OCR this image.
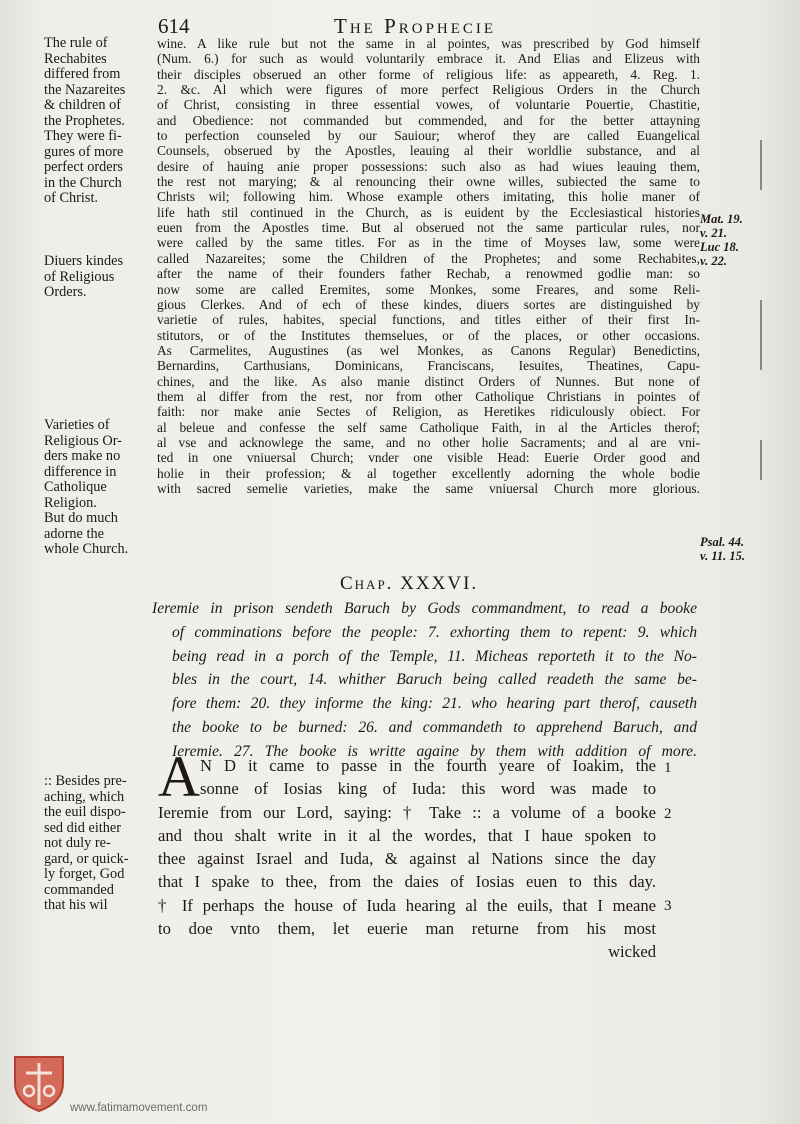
614	The Prophecie
The rule of
Rechabites
differed from
the Nazareites
& children of
the Prophetes.
They were fi-
gures of more
perfect orders
in the Church
of Christ.
Diuers kindes
of Religious
Orders.
Varieties of
Religious Or-
ders make no
difference in
Catholique
Religion.
But do much
adorne the
whole Church.
:: Besides pre-
aching, which
the euil dispo-
sed did either
not duly re-
gard, or quick-
ly forget, God
commanded
that his wil
wine. A like rule but not the same in al pointes, was prescribed by God himself
(Num. 6.) for such as would voluntarily embrace it. And Elias and Elizeus with
their disciples obserued an other forme of religious life: as appeareth, 4. Reg. 1.
2. &c. Al which were figures of more perfect Religious Orders in the Church
of Christ, consisting in three essential vowes, of voluntarie Pouertie, Chastitie,
and Obedience: not commanded but commended, and for the better attayning
to perfection counseled by our Sauiour; wherof they are called Euangelical
Counsels, obserued by the Apostles, leauing al their worldlie substance, and al
desire of hauing anie proper possessions: such also as had wiues leauing them,
the rest not marying; & al renouncing their owne willes, subiected the same to
Christs wil; following him. Whose example others imitating, this holie maner of
life hath stil continued in the Church, as is euident by the Ecclesiastical histories
euen from the Apostles time. But al obserued not the same particular rules, nor
were called by the same titles. For as in the time of Moyses law, some were
called Nazareites; some the Children of the Prophetes; and some Rechabites,
after the name of their founders father Rechab, a renowmed godlie man: so
now some are called Eremites, some Monkes, some Freares, and some Reli-
gious Clerkes. And of ech of these kindes, diuers sortes are distinguished by
varietie of rules, habites, special functions, and titles either of their first In-
stitutors, or of the Institutes themselues, or of the places, or other occasions.
As Carmelites, Augustines (as wel Monkes, as Canons Regular) Benedictins,
Bernardins, Carthusians, Dominicans, Franciscans, Iesuites, Theatines, Capu-
chines, and the like. As also manie distinct Orders of Nunnes. But none of
them al differ from the rest, nor from other Catholique Christians in pointes of
faith: nor make anie Sectes of Religion, as Heretikes ridiculously obiect. For
al beleue and confesse the self same Catholique Faith, in al the Articles therof;
al vse and acknowlege the same, and no other holie Sacraments; and al are vni-
ted in one vniuersal Church; vnder one visible Head: Euerie Order good and
holie in their profession; & al together excellently adorning the whole bodie
with sacred semelie varieties, make the same vniuersal Church more glorious.
Chap. XXXVI.
Ieremie in prison sendeth Baruch by Gods commandment, to read a booke
of comminations before the people: 7. exhorting them to repent: 9. which
being read in a porch of the Temple, 11. Micheas reporteth it to the No-
bles in the court, 14. whither Baruch being called readeth the same be-
fore them: 20. they informe the king: 21. who hearing part therof, causeth
the booke to be burned: 26. and commandeth to apprehend Baruch, and
Ieremie. 27. The booke is writte againe by them with addition of more.
A N D it came to passe in the fourth yeare of Ioakim, the
sonne of Iosias king of Iuda: this word was made to
Ieremie from our Lord, saying: † Take :: a volume of a booke
and thou shalt write in it al the wordes, that I haue spoken to
thee against Israel and Iuda, & against al Nations since the day
that I spake to thee, from the daies of Iosias euen to this day.
† If perhaps the house of Iuda hearing al the euils, that I meane
to doe vnto them, let euerie man returne from his most
wicked
1
2
3
Mat. 19.
v. 21.
Luc 18.
v. 22.
Psal. 44.
v. 11. 15.
www.fatimamovement.com
